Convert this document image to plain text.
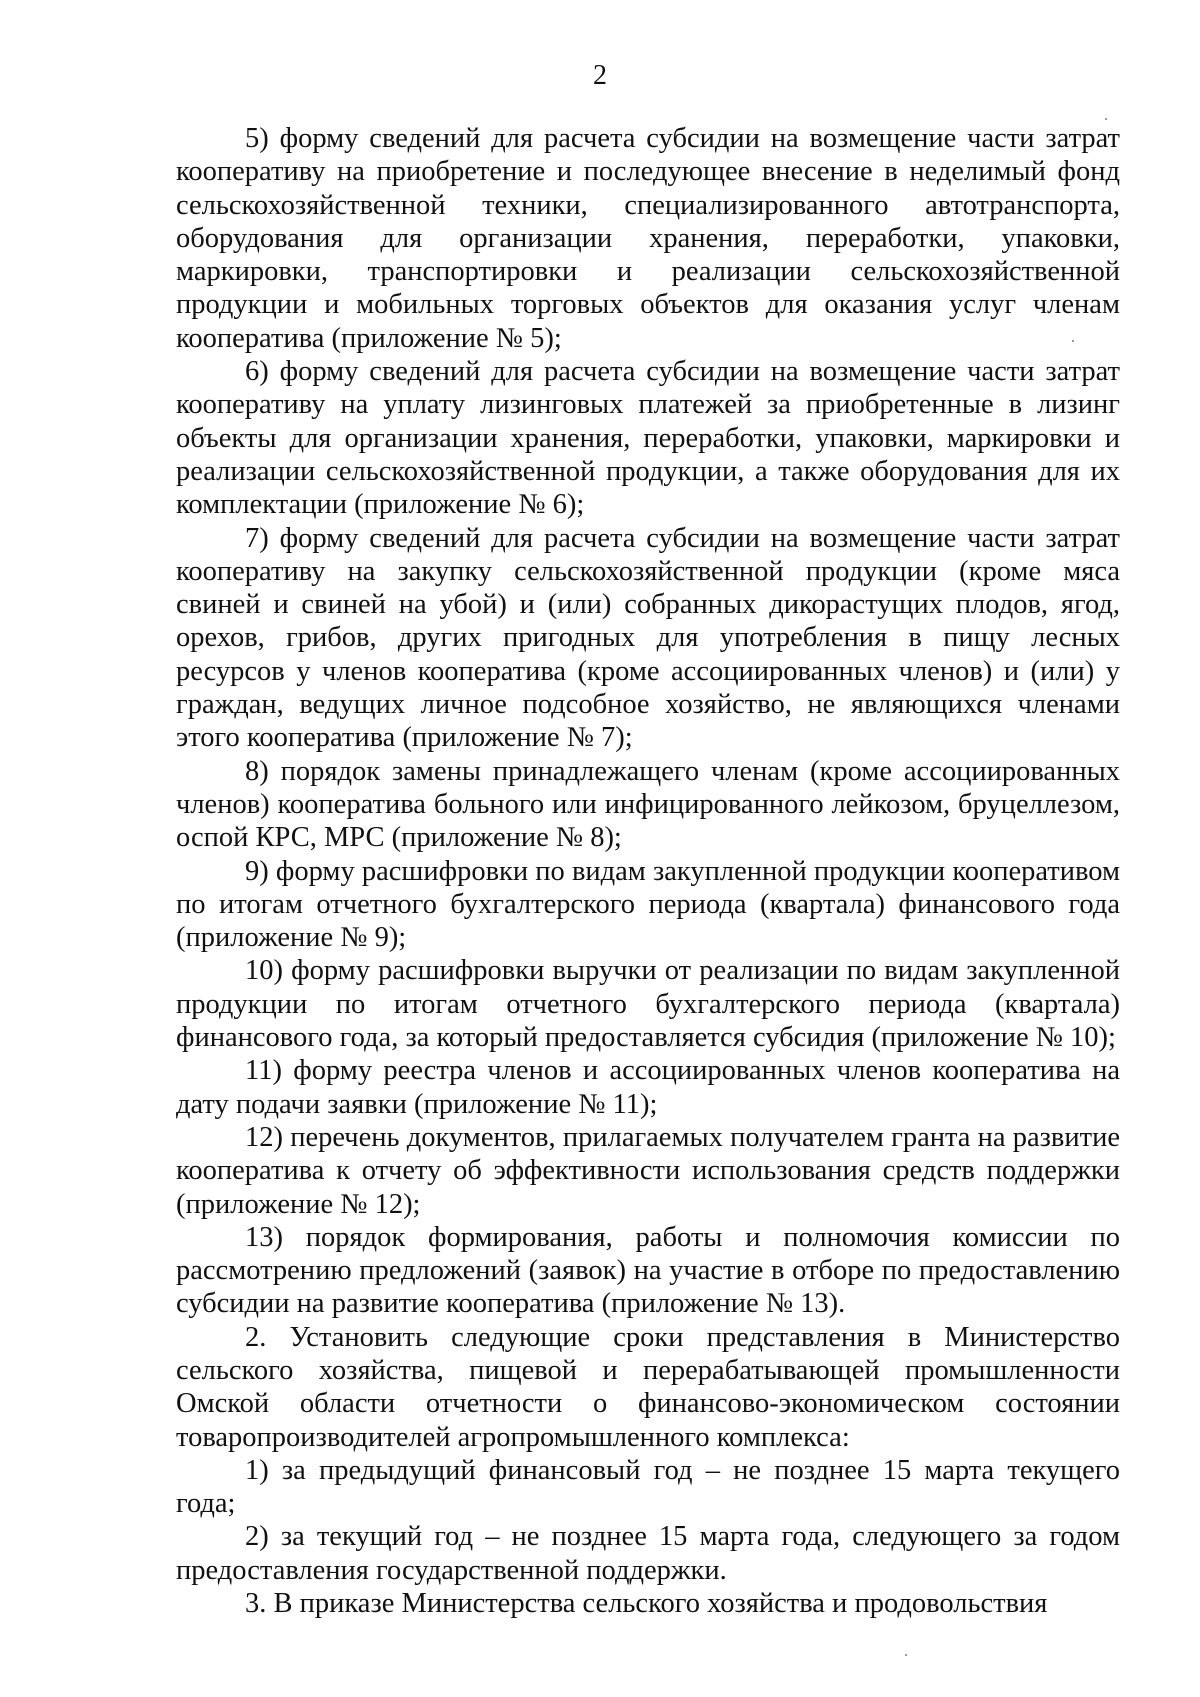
2

5) форму сведений для расчета субсидии на возмещение части затрат кооперативу на приобретение и последующее внесение в неделимый фонд сельскохозяйственной техники, специализированного автотранспорта, оборудования для организации хранения, переработки, упаковки, маркировки, транспортировки и реализации сельскохозяйственной продукции и мобильных торговых объектов для оказания услуг членам кооператива (приложение № 5);

6) форму сведений для расчета субсидии на возмещение части затрат кооперативу на уплату лизинговых платежей за приобретенные в лизинг объекты для организации хранения, переработки, упаковки, маркировки и реализации сельскохозяйственной продукции, а также оборудования для их комплектации (приложение № 6);

7) форму сведений для расчета субсидии на возмещение части затрат кооперативу на закупку сельскохозяйственной продукции (кроме мяса свиней и свиней на убой) и (или) собранных дикорастущих плодов, ягод, орехов, грибов, других пригодных для употребления в пищу лесных ресурсов у членов кооператива (кроме ассоциированных членов) и (или) у граждан, ведущих личное подсобное хозяйство, не являющихся членами этого кооператива (приложение № 7);

8) порядок замены принадлежащего членам (кроме ассоциированных членов) кооператива больного или инфицированного лейкозом, бруцеллезом, оспой КРС, МРС (приложение № 8);

9) форму расшифровки по видам закупленной продукции кооперативом по итогам отчетного бухгалтерского периода (квартала) финансового года (приложение № 9);

10) форму расшифровки выручки от реализации по видам закупленной продукции по итогам отчетного бухгалтерского периода (квартала) финансового года, за который предоставляется субсидия (приложение № 10);

11) форму реестра членов и ассоциированных членов кооператива на дату подачи заявки (приложение № 11);

12) перечень документов, прилагаемых получателем гранта на развитие кооператива к отчету об эффективности использования средств поддержки (приложение № 12);

13) порядок формирования, работы и полномочия комиссии по рассмотрению предложений (заявок) на участие в отборе по предоставлению субсидии на развитие кооператива (приложение № 13).

2. Установить следующие сроки представления в Министерство сельского хозяйства, пищевой и перерабатывающей промышленности Омской области отчетности о финансово-экономическом состоянии товаропроизводителей агропромышленного комплекса:

1) за предыдущий финансовый год – не позднее 15 марта текущего года;

2) за текущий год – не позднее 15 марта года, следующего за годом предоставления государственной поддержки.

3. В приказе Министерства сельского хозяйства и продовольствия
